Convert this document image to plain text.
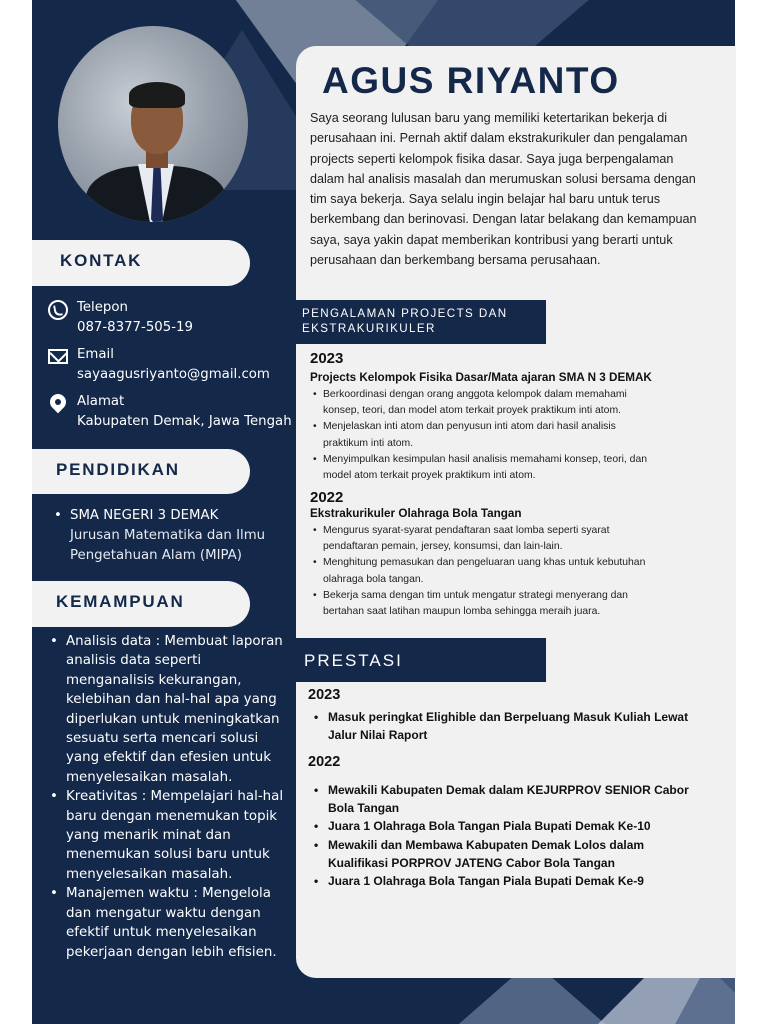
AGUS RIYANTO
Saya seorang lulusan baru yang memiliki ketertarikan bekerja di perusahaan ini. Pernah aktif dalam ekstrakurikuler dan pengalaman projects seperti kelompok fisika dasar. Saya juga berpengalaman dalam hal analisis masalah dan merumuskan solusi bersama dengan tim saya bekerja. Saya selalu ingin belajar hal baru untuk terus berkembang dan berinovasi. Dengan latar belakang dan kemampuan saya, saya yakin dapat memberikan kontribusi yang berarti untuk perusahaan dan berkembang bersama perusahaan.
KONTAK
Telepon
087-8377-505-19
Email
sayaagusriyanto@gmail.com
Alamat
Kabupaten Demak, Jawa Tengah
PENDIDIKAN
• SMA NEGERI 3 DEMAK
Jurusan Matematika dan Ilmu Pengetahuan Alam (MIPA)
KEMAMPUAN
• Analisis data : Membuat laporan analisis data seperti menganalisis kekurangan, kelebihan dan hal-hal apa yang diperlukan untuk meningkatkan sesuatu serta mencari solusi yang efektif dan efesien untuk menyelesaikan masalah.
• Kreativitas : Mempelajari hal-hal baru dengan menemukan topik yang menarik minat dan menemukan solusi baru untuk menyelesaikan masalah.
• Manajemen waktu : Mengelola dan mengatur waktu dengan efektif untuk menyelesaikan pekerjaan dengan lebih efisien.
PENGALAMAN PROJECTS DAN EKSTRAKURIKULER
2023
Projects Kelompok Fisika Dasar/Mata ajaran SMA N 3 DEMAK
• Berkoordinasi dengan orang anggota kelompok dalam memahami konsep, teori, dan model atom terkait proyek praktikum inti atom.
• Menjelaskan inti atom dan penyusun inti atom dari hasil analisis praktikum inti atom.
• Menyimpulkan kesimpulan hasil analisis memahami konsep, teori, dan model atom terkait proyek praktikum inti atom.
2022
Ekstrakurikuler Olahraga Bola Tangan
• Mengurus syarat-syarat pendaftaran saat lomba seperti syarat pendaftaran pemain, jersey, konsumsi, dan lain-lain.
• Menghitung pemasukan dan pengeluaran uang khas untuk kebutuhan olahraga bola tangan.
• Bekerja sama dengan tim untuk mengatur strategi menyerang dan bertahan saat latihan maupun lomba sehingga meraih juara.
PRESTASI
2023
• Masuk peringkat Elighible dan Berpeluang Masuk Kuliah Lewat Jalur Nilai Raport
2022
• Mewakili Kabupaten Demak dalam KEJURPROV SENIOR Cabor Bola Tangan
• Juara 1 Olahraga Bola Tangan Piala Bupati Demak Ke-10
• Mewakili dan Membawa Kabupaten Demak Lolos dalam Kualifikasi PORPROV JATENG Cabor Bola Tangan
• Juara 1 Olahraga Bola Tangan Piala Bupati Demak Ke-9
